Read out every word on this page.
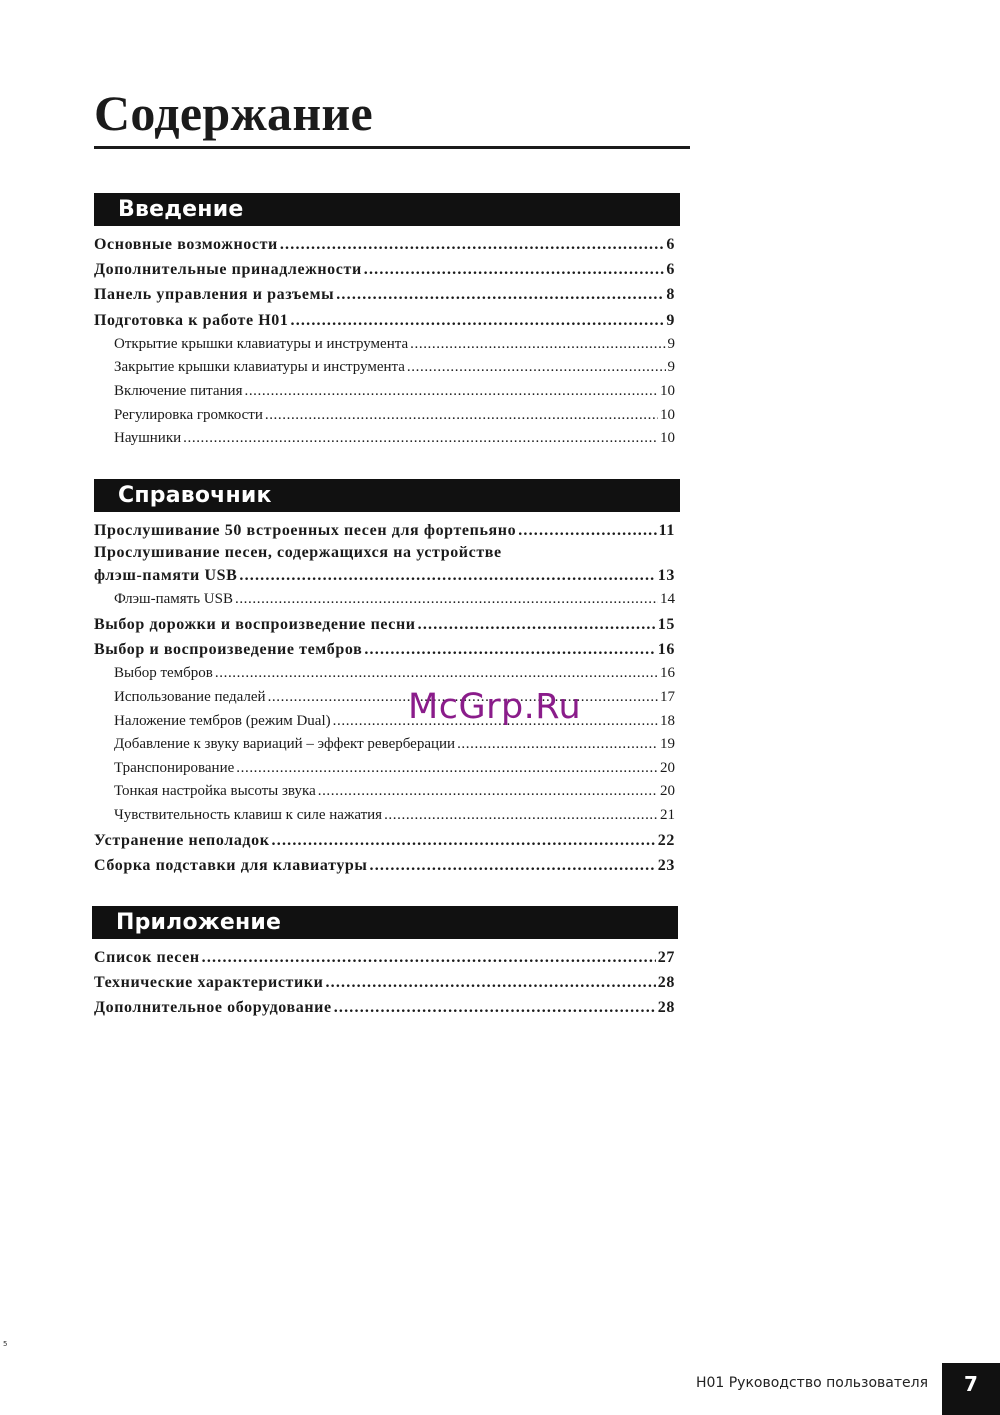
Содержание
Введение
Основные возможности .....	6
Дополнительные принадлежности .....	6
Панель управления и разъемы .....	8
Подготовка к работе H01 .....	9
Открытие крышки клавиатуры и инструмента .....	9
Закрытие крышки клавиатуры и инструмента .....	9
Включение питания .....	10
Регулировка громкости .....	10
Наушники .....	10
Справочник
Прослушивание 50 встроенных песен для фортепьяно .....	11
Прослушивание песен, содержащихся на устройстве
флэш-памяти USB .....	13
Флэш-память USB .....	14
Выбор дорожки и воспроизведение песни .....	15
Выбор и воспроизведение тембров .....	16
Выбор тембров .....	16
Использование педалей .....	17
Наложение тембров (режим Dual) .....	18
Добавление к звуку вариаций – эффект реверберации .....	19
Транспонирование .....	20
Тонкая настройка высоты звука .....	20
Чувствительность клавиш к силе нажатия .....	21
Устранение неполадок .....	22
Сборка подставки для клавиатуры .....	23
Приложение
Список песен .....	27
Технические характеристики .....	28
Дополнительное оборудование .....	28
McGrp.Ru
5
H01 Руководство пользователя	7
